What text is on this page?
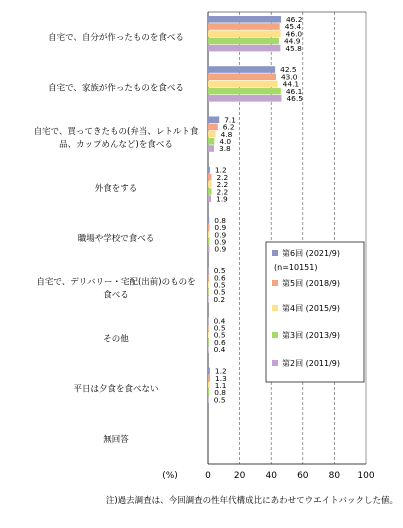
46.2
45.4
46.0
44.9
45.8
42.5
43.0
44.1
46.1
46.5
7.1
6.2
4.8
4.0
3.8
1.2
2.2
2.2
2.2
1.9
0.8
0.9
0.9
0.9
0.9
0.5
0.6
0.5
0.5
0.2
0.4
0.5
0.5
0.6
0.4
1.2
1.3
1.1
0.8
0.5
0	20 40 60 80 100
自宅で、自分が作ったものを食べる
自宅で、家族が作ったものを食べる
自宅で、買ってきたもの(弁当、レトルト食
品、カップめんなど)を食べる
外食をする
職場や学校で食べる
自宅で、デリバリー・宅配(出前)のものを
食べる
その他
平日は夕食を食べない
無回答
第6回 (2021/9)
(n=10151)
第5回 (2018/9)
第4回 (2015/9)
第3回 (2013/9)
第2回 (2011/9)
(%)
注)過去調査は、今回調査の性年代構成比にあわせてウエイトバックした値。
